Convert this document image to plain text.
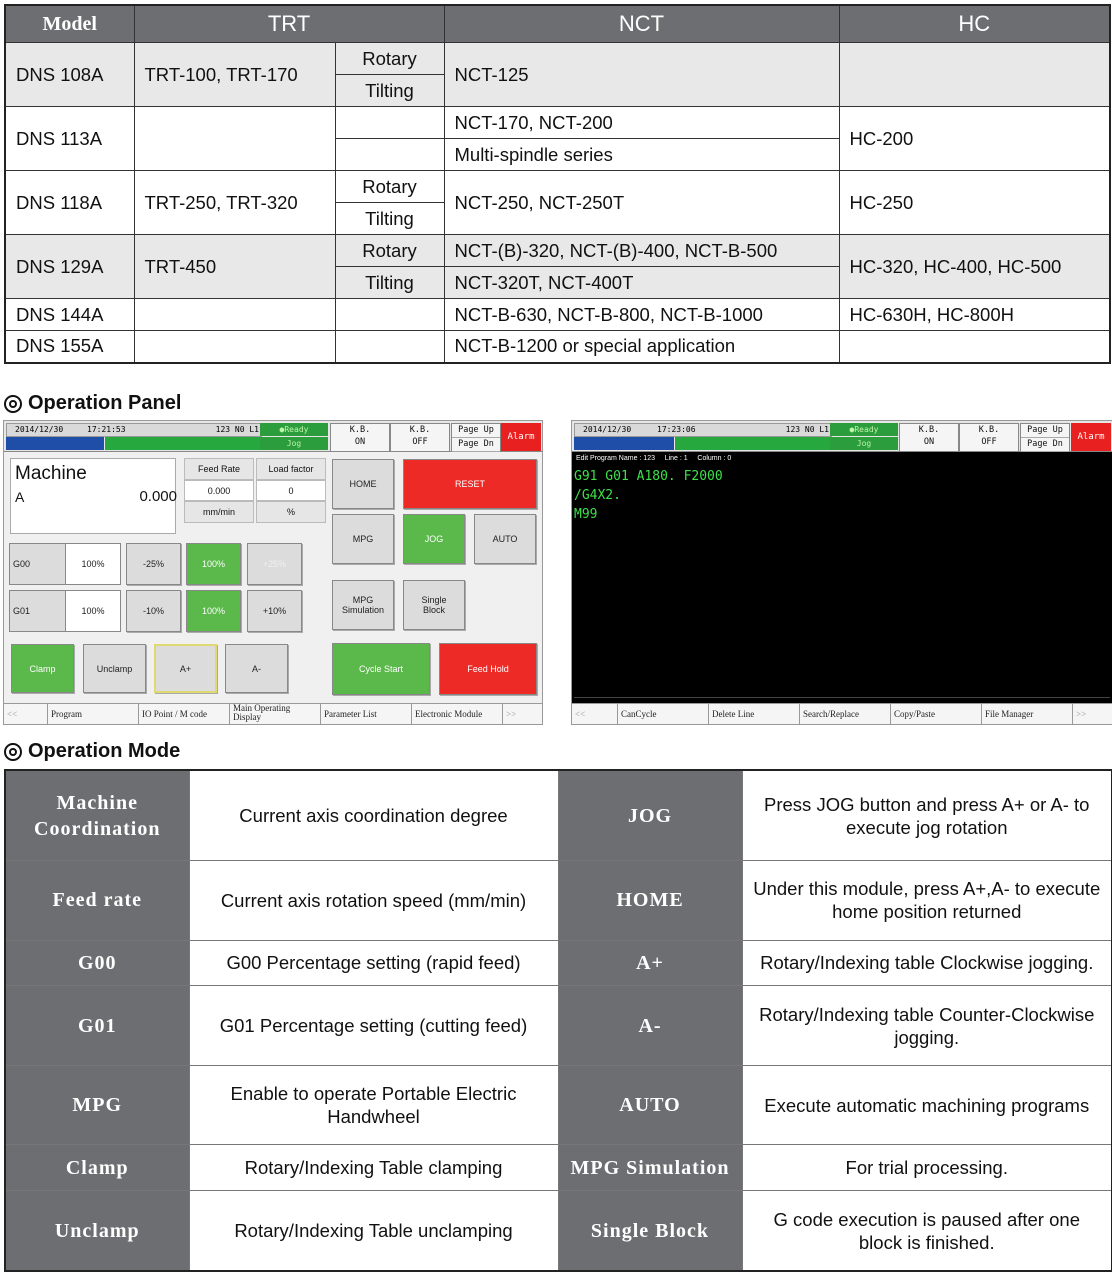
Model	TRT		NCT	HC
DNS 108A	TRT-100, TRT-170	Rotary	NCT-125	
		Tilting		
DNS 113A			NCT-170, NCT-200	HC-200
			Multi-spindle series	
DNS 118A	TRT-250, TRT-320	Rotary	NCT-250, NCT-250T	HC-250
		Tilting		
DNS 129A	TRT-450	Rotary	NCT-(B)-320, NCT-(B)-400, NCT-B-500	HC-320, HC-400, HC-500
		Tilting	NCT-320T, NCT-400T	
DNS 144A			NCT-B-630, NCT-B-800, NCT-B-1000	HC-630H, HC-800H
DNS 155A			NCT-B-1200 or special application	
Operation Panel
2014/12/30	17:21:53	123 N0 L1	●Ready
Jog
K.B.
ON
K.B.
OFF
Page Up
Page Dn
Alarm
Machine
A	0.000
Feed Rate
0.000
mm/min
Load factor
0
%
G00	100%	-25%	100%	+25%
G01	100%	-10%	100%	+10%
Clamp	Unclamp	A+	A-
HOME	RESET
MPG	JOG	AUTO
MPG
Simulation
Single
Block
Cycle Start	Feed Hold
<<	Program	IO Point / M code
Main Operating Display	Parameter List	Electronic Module	>>
2014/12/30	17:23:06	123 N0 L1	●Ready
Jog
K.B.
ON
K.B.
OFF
Page Up
Page Dn
Alarm
Edit Program Name : 123     Line : 1     Column : 0
G91 G01 A180. F2000
/G4X2.
M99
<<	CanCycle	Delete Line	Search/Replace	Copy/Paste	File Manager	>>
Operation Mode
Machine Coordination	Current axis coordination degree	JOG	Press JOG button and press A+ or A- to execute jog rotation
Feed rate	Current axis rotation speed (mm/min)	HOME	Under this module, press A+,A- to execute home position returned
G00	G00 Percentage setting (rapid feed)	A+	Rotary/Indexing table Clockwise jogging.
G01	G01 Percentage setting (cutting feed)	A-	Rotary/Indexing table Counter-Clockwise jogging.
MPG	Enable to operate Portable Electric Handwheel	AUTO	Execute automatic machining programs
Clamp	Rotary/Indexing Table clamping	MPG Simulation	For trial processing.
Unclamp	Rotary/Indexing Table unclamping	Single Block	G code execution is paused after one block is finished.
